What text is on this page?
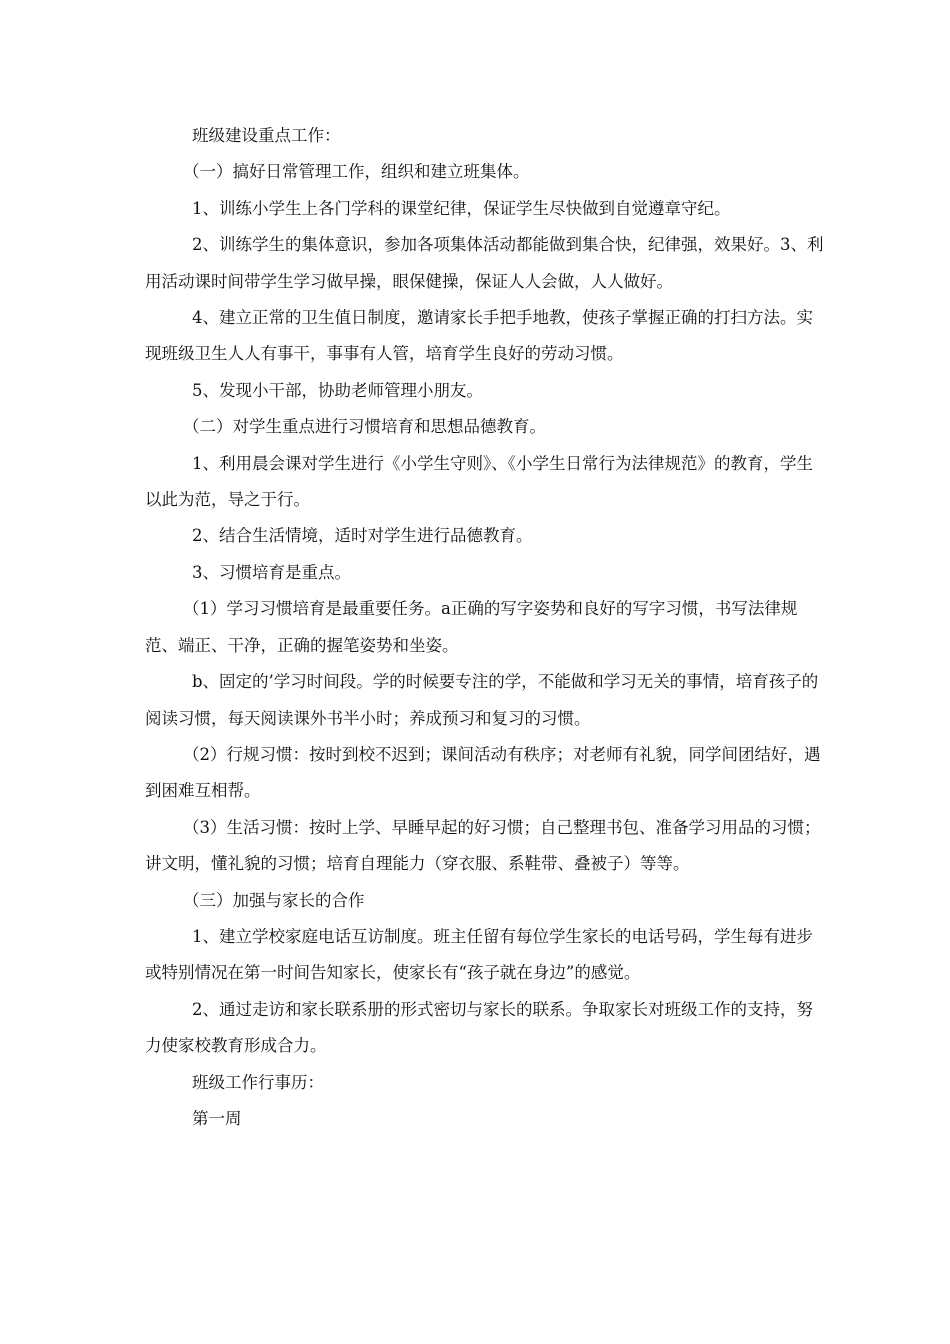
班级建设重点工作：

（一）搞好日常管理工作，组织和建立班集体。

1、训练小学生上各门学科的课堂纪律，保证学生尽快做到自觉遵章守纪。

2、训练学生的集体意识，参加各项集体活动都能做到集合快，纪律强，效果好。3、利用活动课时间带学生学习做早操，眼保健操，保证人人会做，人人做好。

4、建立正常的卫生值日制度，邀请家长手把手地教，使孩子掌握正确的打扫方法。实现班级卫生人人有事干，事事有人管，培育学生良好的劳动习惯。

5、发现小干部，协助老师管理小朋友。

（二）对学生重点进行习惯培育和思想品德教育。

1、利用晨会课对学生进行《小学生守则》、《小学生日常行为法律规范》的教育，学生以此为范，导之于行。

2、结合生活情境，适时对学生进行品德教育。

3、习惯培育是重点。

（1）学习习惯培育是最重要任务。a正确的写字姿势和良好的写字习惯，书写法律规范、端正、干净，正确的握笔姿势和坐姿。

b、固定的’学习时间段。学的时候要专注的学，不能做和学习无关的事情，培育孩子的阅读习惯，每天阅读课外书半小时；养成预习和复习的习惯。

（2）行规习惯：按时到校不迟到；课间活动有秩序；对老师有礼貌，同学间团结好，遇到困难互相帮。

（3）生活习惯：按时上学、早睡早起的好习惯；自己整理书包、准备学习用品的习惯；讲文明，懂礼貌的习惯；培育自理能力（穿衣服、系鞋带、叠被子）等等。

（三）加强与家长的合作

1、建立学校家庭电话互访制度。班主任留有每位学生家长的电话号码，学生每有进步或特别情况在第一时间告知家长，使家长有“孩子就在身边”的感觉。

2、通过走访和家长联系册的形式密切与家长的联系。争取家长对班级工作的支持，努力使家校教育形成合力。

班级工作行事历：

第一周
